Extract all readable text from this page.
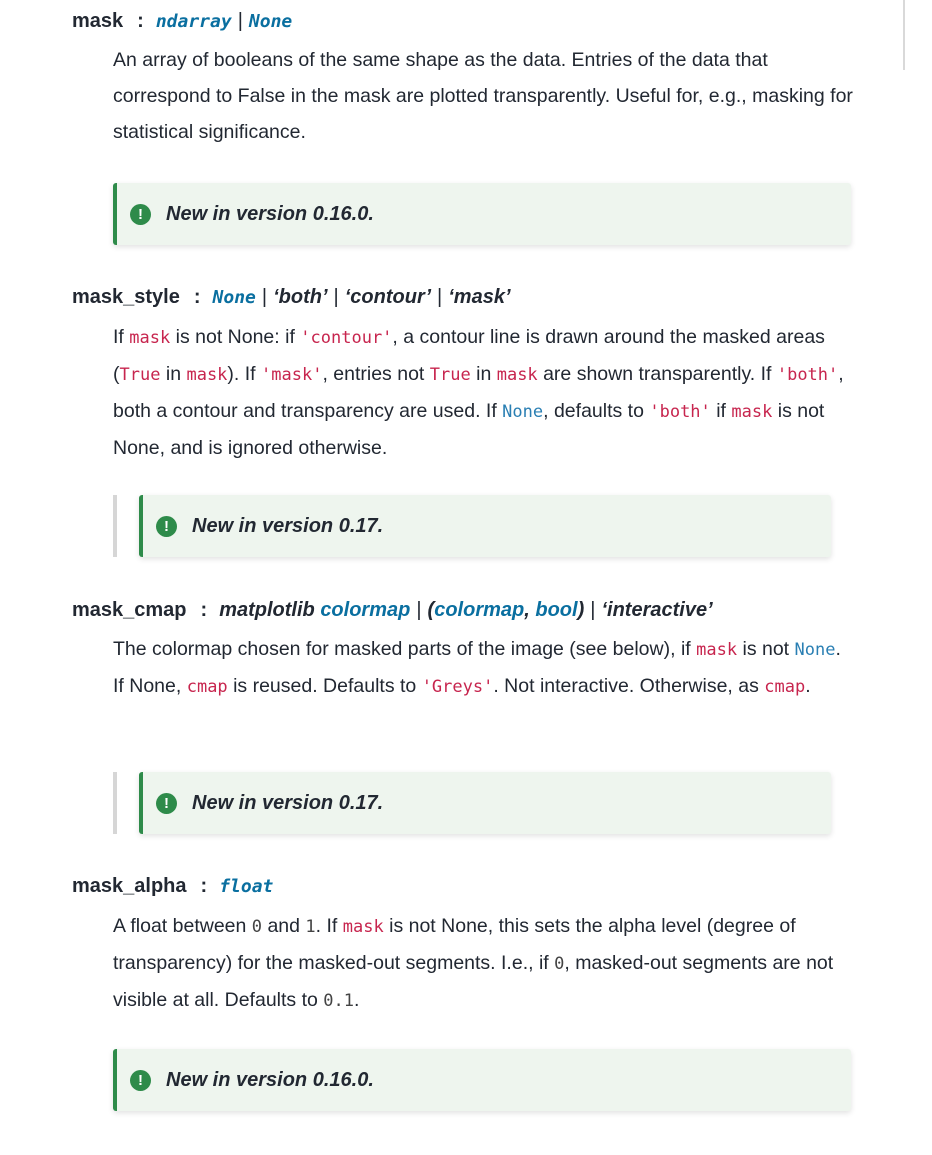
mask : ndarray | None
An array of booleans of the same shape as the data. Entries of the data that correspond to False in the mask are plotted transparently. Useful for, e.g., masking for statistical significance.
!	New in version 0.16.0.
mask_style : None | ‘both’ | ‘contour’ | ‘mask’
If mask is not None: if 'contour', a contour line is drawn around the masked areas (True in mask). If 'mask', entries not True in mask are shown transparently. If 'both', both a contour and transparency are used. If None, defaults to 'both' if mask is not None, and is ignored otherwise.
!	New in version 0.17.
mask_cmap : matplotlib colormap | (colormap, bool) | ‘interactive’
The colormap chosen for masked parts of the image (see below), if mask is not None. If None, cmap is reused. Defaults to 'Greys'. Not interactive. Otherwise, as cmap.
!	New in version 0.17.
mask_alpha : float
A float between 0 and 1. If mask is not None, this sets the alpha level (degree of transparency) for the masked-out segments. I.e., if 0, masked-out segments are not visible at all. Defaults to 0.1.
!	New in version 0.16.0.
